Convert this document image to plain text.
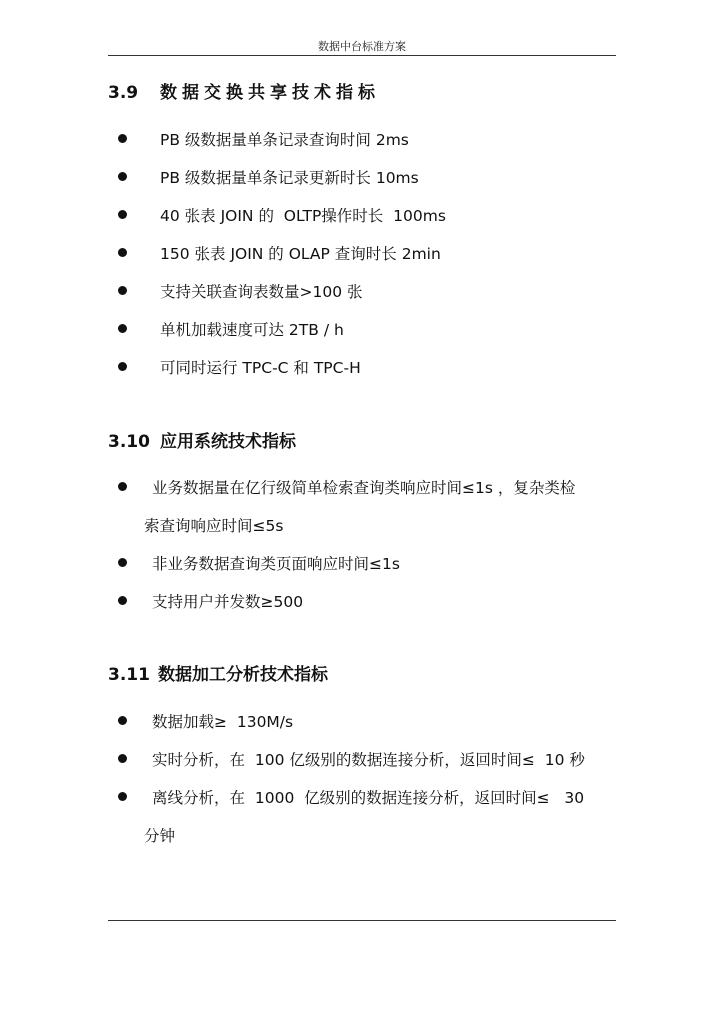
数据中台标准方案
3.9 数据交换共享技术指标
PB 级数据量单条记录查询时间 2ms
PB 级数据量单条记录更新时长 10ms
40 张表 JOIN 的  OLTP操作时长  100ms
150 张表 JOIN 的 OLAP 查询时长 2min
支持关联查询表数量>100 张
单机加载速度可达 2TB / h
可同时运行 TPC-C 和 TPC-H
3.10 应用系统技术指标
业务数据量在亿行级简单检索查询类响应时间≤1s ，复杂类检
索查询响应时间≤5s
非业务数据查询类页面响应时间≤1s
支持用户并发数≥500
3.11 数据加工分析技术指标
数据加载≥  130M/s
实时分析，在  100 亿级别的数据连接分析，返回时间≤  10 秒
离线分析，在  1000  亿级别的数据连接分析，返回时间≤   30
分钟
